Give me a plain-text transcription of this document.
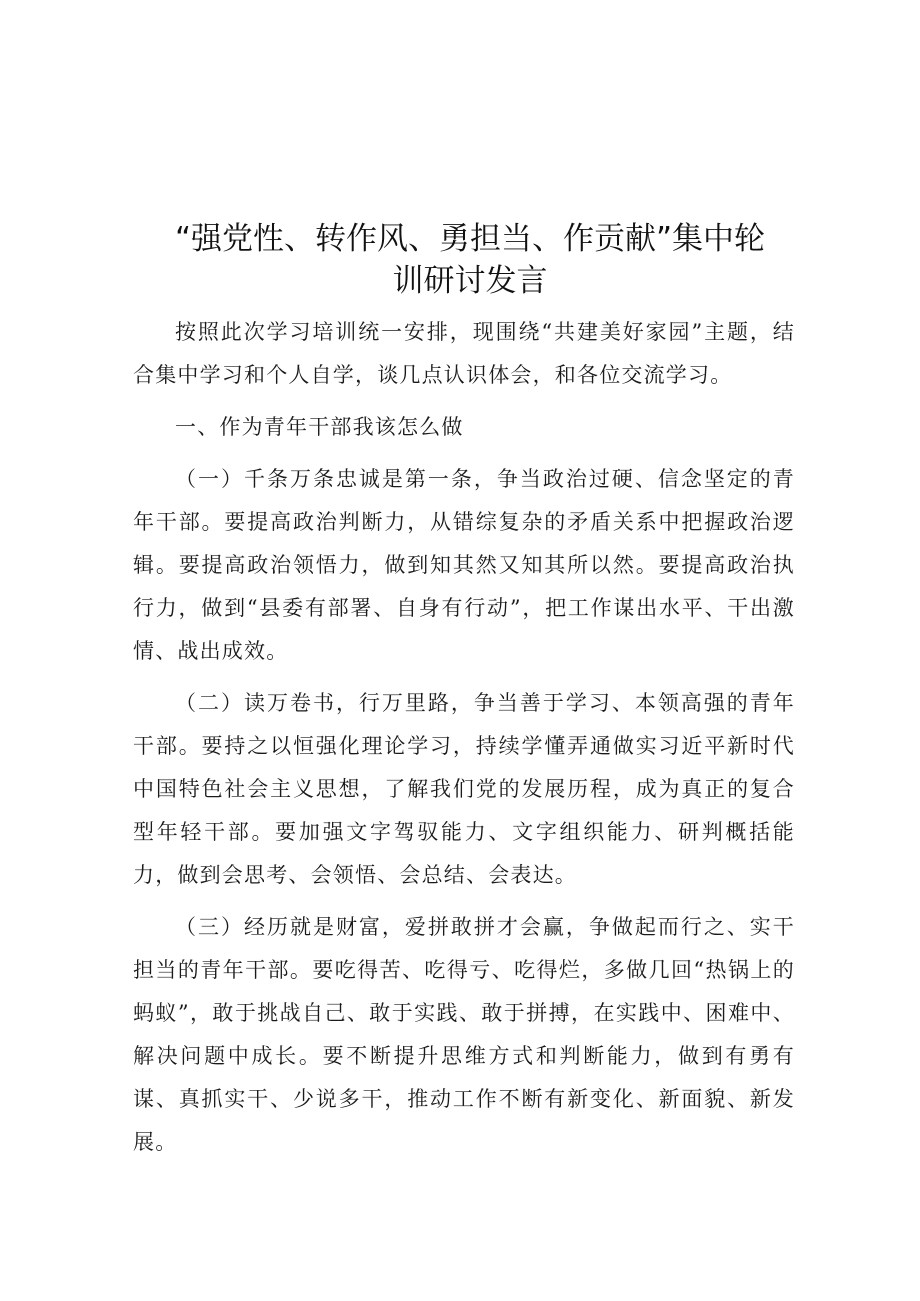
“强党性、转作风、勇担当、作贡献”集中轮
训研讨发言

按照此次学习培训统一安排，现围绕“共建美好家园”主题，结合集中学习和个人自学，谈几点认识体会，和各位交流学习。

一、作为青年干部我该怎么做

（一）千条万条忠诚是第一条，争当政治过硬、信念坚定的青年干部。要提高政治判断力，从错综复杂的矛盾关系中把握政治逻辑。要提高政治领悟力，做到知其然又知其所以然。要提高政治执行力，做到“县委有部署、自身有行动”，把工作谋出水平、干出激情、战出成效。

（二）读万卷书，行万里路，争当善于学习、本领高强的青年干部。要持之以恒强化理论学习，持续学懂弄通做实习近平新时代中国特色社会主义思想，了解我们党的发展历程，成为真正的复合型年轻干部。要加强文字驾驭能力、文字组织能力、研判概括能力，做到会思考、会领悟、会总结、会表达。

（三）经历就是财富，爱拼敢拼才会赢，争做起而行之、实干担当的青年干部。要吃得苦、吃得亏、吃得烂，多做几回“热锅上的蚂蚁”，敢于挑战自己、敢于实践、敢于拼搏，在实践中、困难中、解决问题中成长。要不断提升思维方式和判断能力，做到有勇有谋、真抓实干、少说多干，推动工作不断有新变化、新面貌、新发展。
